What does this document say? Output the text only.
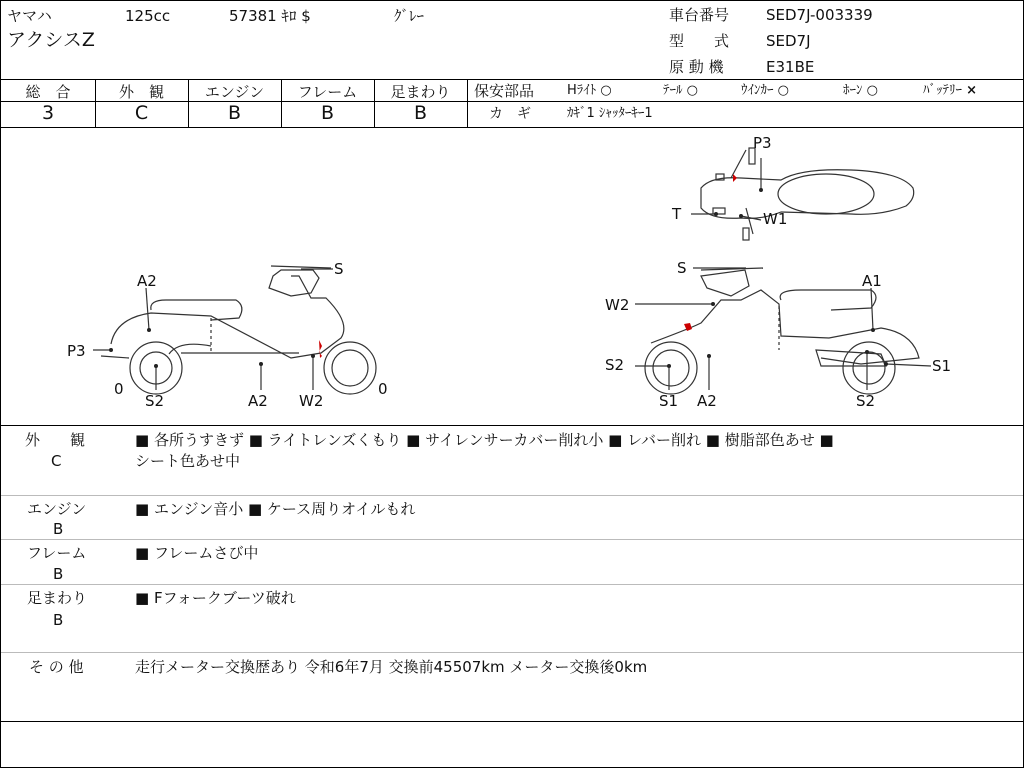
ヤマハ	125cc	57381 ｷﾛ $	ｸﾞﾚｰ
アクシスZ
車台番号 SED7J-003339
型　　式 SED7J
原 動 機	E31BE
総　合	外　観	エンジン	フレーム	足まわり
3	C	B	B	B
保安部品	Hﾗｲﾄ ○	ﾃｰﾙ ○	ｳｲﾝｶｰ ○	ﾎｰﾝ ○	ﾊﾞｯﾃﾘｰ ×
カ　ギ	ｶｷﾞ1 ｼｬｯﾀｰｷｰ1
P3
T	W1
A2
S
P3
0
S2	A2 W2
0
S
A1
W2
S2	S1
S1 A2	S2
外　　観
C
■ 各所うすきず ■ ライトレンズくもり ■ サイレンサーカバー削れ小 ■ レバー削れ ■ 樹脂部色あせ ■
シート色あせ中
エンジン
B
■ エンジン音小 ■ ケース周りオイルもれ
フレーム
B
■ フレームさび中
足まわり
B
■ Fフォークブーツ破れ
そ の 他	走行メーター交換歴あり 令和6年7月 交換前45507km メーター交換後0km
